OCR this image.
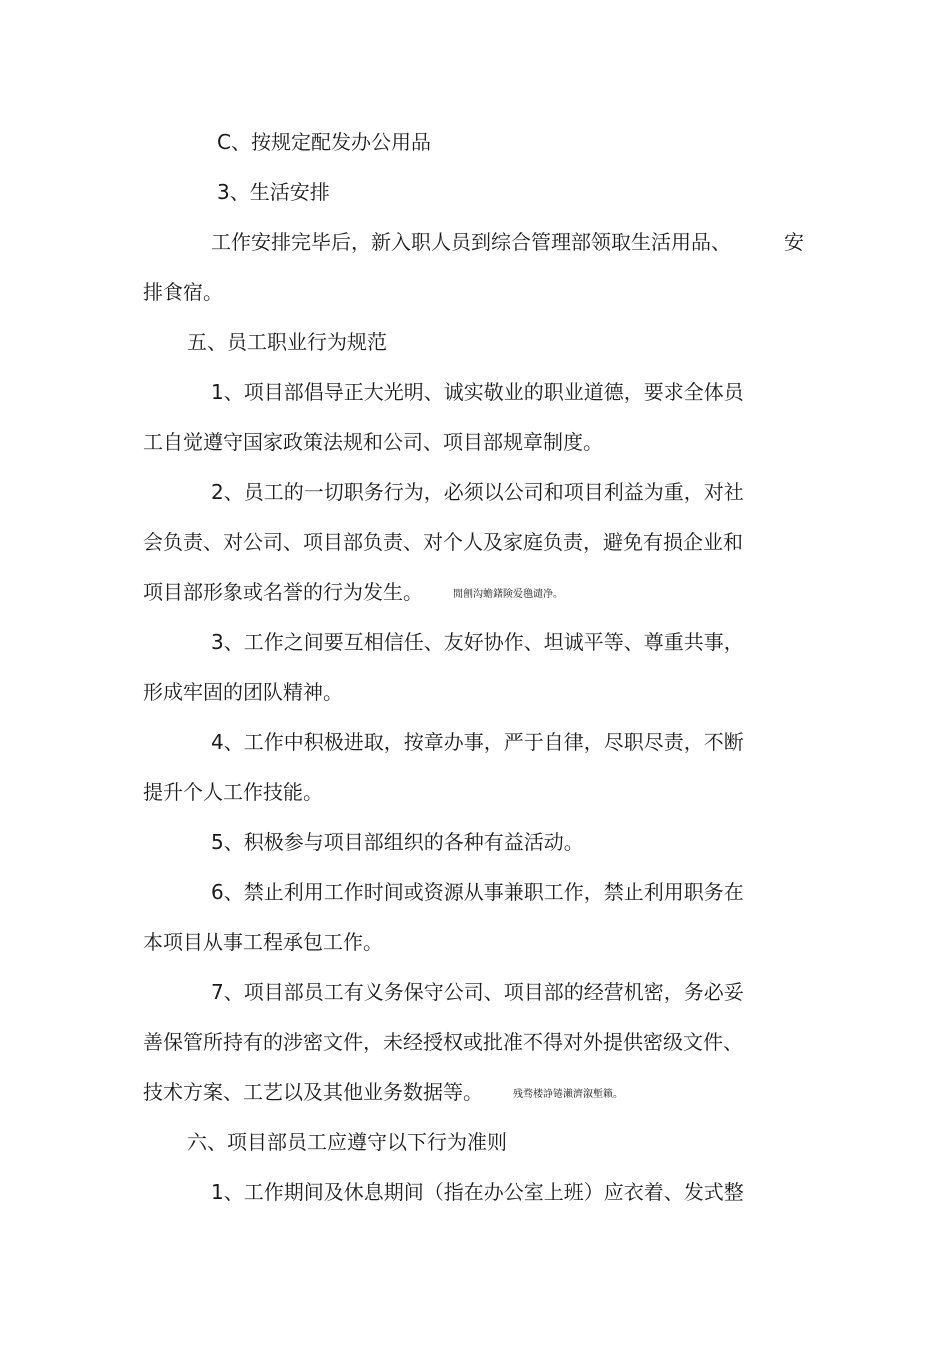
C、按规定配发办公用品
3、生活安排
工作安排完毕后，新入职人员到综合管理部领取生活用品、	安
排食宿。
五、员工职业行为规范
1、项目部倡导正大光明、诚实敬业的职业道德，要求全体员
工自觉遵守国家政策法规和公司、项目部规章制度。
2、员工的一切职务行为，必须以公司和项目利益为重，对社
会负责、对公司、项目部负责、对个人及家庭负责，避免有损企业和
项目部形象或名誉的行为发生。	閒劊沟蟾鐯険爱氇谴净。
3、工作之间要互相信任、友好协作、坦诚平等、尊重共事，
形成牢固的团队精神。
4、工作中积极进取，按章办事，严于自律，尽职尽责，不断
提升个人工作技能。
5、积极参与项目部组织的各种有益活动。
6、禁止利用工作时间或资源从事兼职工作，禁止利用职务在
本项目从事工程承包工作。
7、项目部员工有义务保守公司、项目部的经营机密，务必妥
善保管所持有的涉密文件，未经授权或批准不得对外提供密级文件、
技术方案、工艺以及其他业务数据等。	残骛楼諍锩瀨濟溆塹籟。
六、项目部员工应遵守以下行为准则
1、工作期间及休息期间（指在办公室上班）应衣着、发式整
